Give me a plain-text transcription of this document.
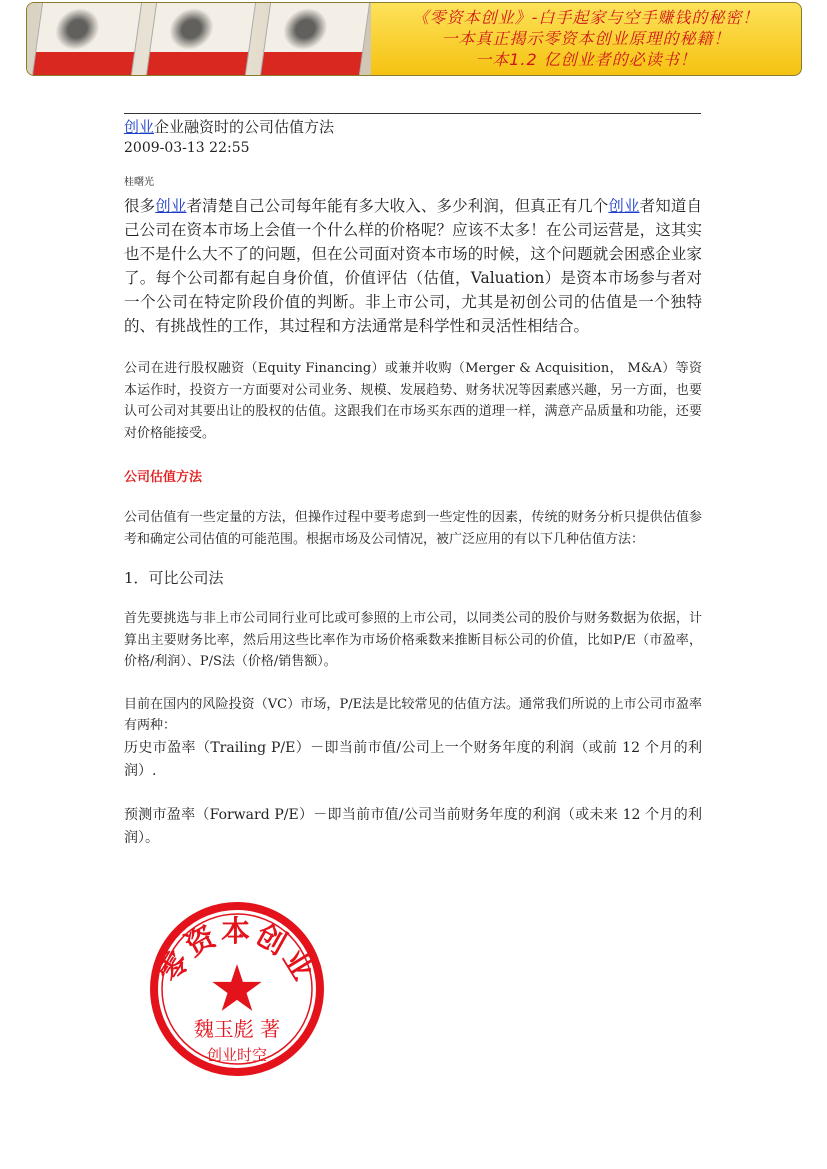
《零资本创业》-白手起家与空手赚钱的秘密！
一本真正揭示零资本创业原理的秘籍！
一本1.2 亿创业者的必读书！
创业企业融资时的公司估值方法
2009-03-13 22:55
桂曙光
很多创业者清楚自己公司每年能有多大收入、多少利润，但真正有几个创业者知道自己公司在资本市场上会值一个什么样的价格呢？应该不太多！在公司运营是，这其实也不是什么大不了的问题，但在公司面对资本市场的时候，这个问题就会困惑企业家了。每个公司都有起自身价值，价值评估（估值，Valuation）是资本市场参与者对一个公司在特定阶段价值的判断。非上市公司，尤其是初创公司的估值是一个独特的、有挑战性的工作，其过程和方法通常是科学性和灵活性相结合。
公司在进行股权融资（Equity Financing）或兼并收购（Merger & Acquisition， M&A）等资本运作时，投资方一方面要对公司业务、规模、发展趋势、财务状况等因素感兴趣，另一方面，也要认可公司对其要出让的股权的估值。这跟我们在市场买东西的道理一样，满意产品质量和功能，还要对价格能接受。
公司估值方法
公司估值有一些定量的方法，但操作过程中要考虑到一些定性的因素，传统的财务分析只提供估值参考和确定公司估值的可能范围。根据市场及公司情况，被广泛应用的有以下几种估值方法：
1．可比公司法
首先要挑选与非上市公司同行业可比或可参照的上市公司，以同类公司的股价与财务数据为依据，计算出主要财务比率，然后用这些比率作为市场价格乘数来推断目标公司的价值，比如P/E（市盈率，价格/利润）、P/S法（价格/销售额）。
目前在国内的风险投资（VC）市场，P/E法是比较常见的估值方法。通常我们所说的上市公司市盈率有两种：
历史市盈率（Trailing P/E）－即当前市值/公司上一个财务年度的利润（或前 12 个月的利润）.
预测市盈率（Forward P/E）－即当前市值/公司当前财务年度的利润（或未来 12 个月的利润）。
零资本创业
魏玉彪 著
创业时空
